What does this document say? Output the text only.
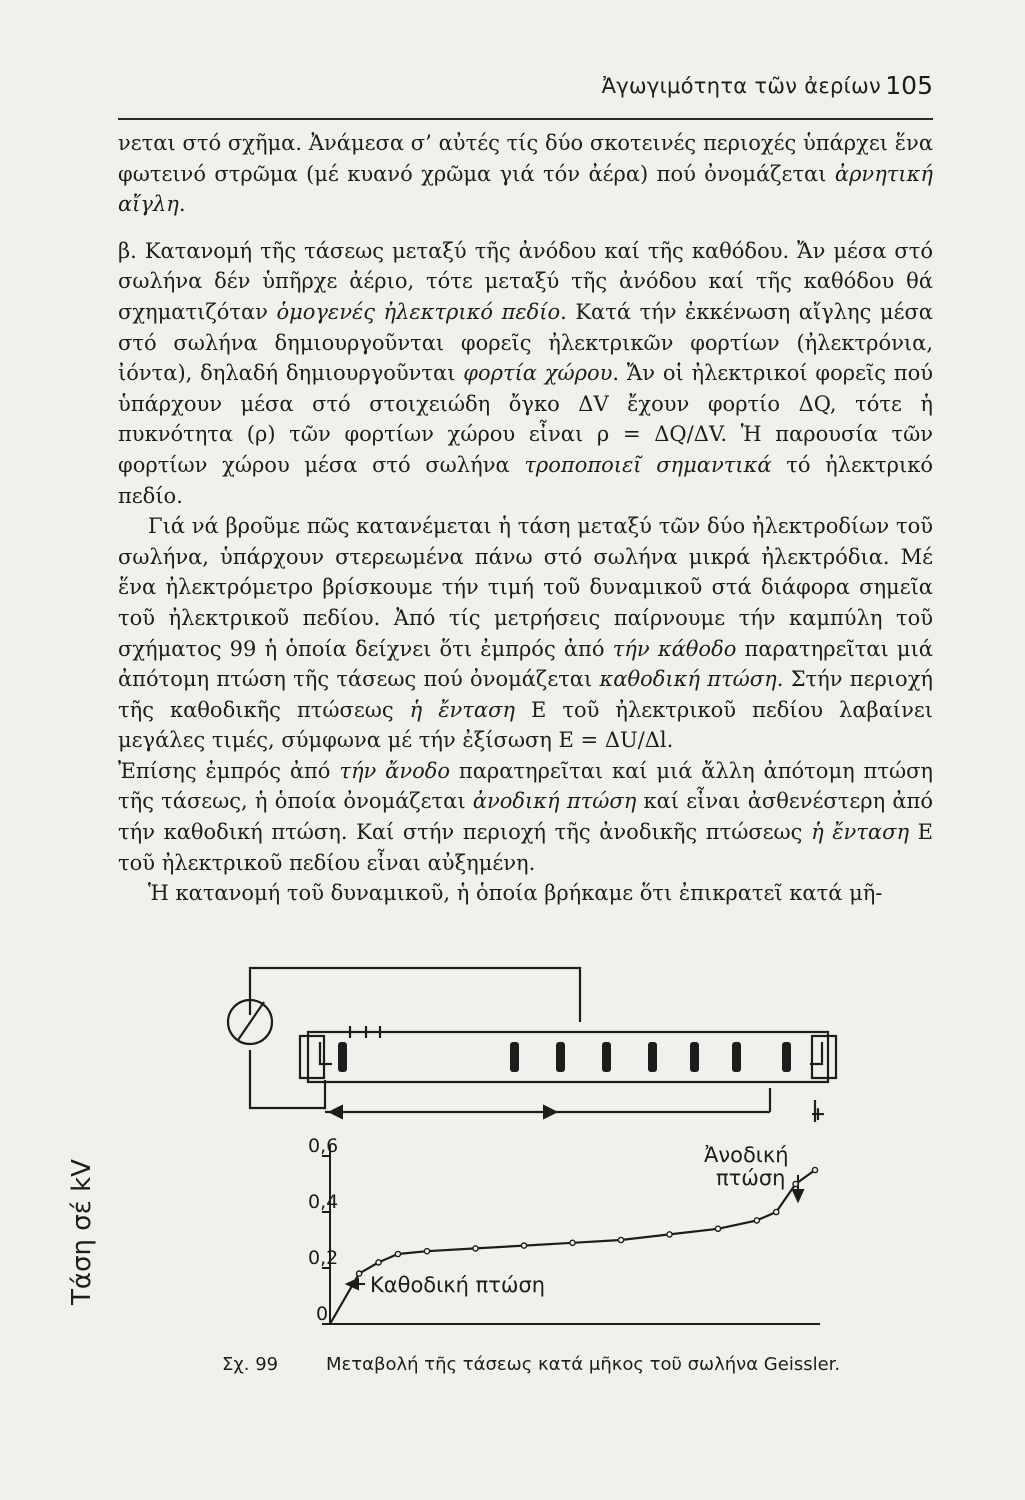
Ἀγωγιμότητα τῶν ἀερίων 105

νεται στό σχῆμα. Ἀνάμεσα σ’ αὐτές τίς δύο σκοτεινές περιοχές ὑπάρχει ἕνα φωτεινό στρῶμα (μέ κυανό χρῶμα γιά τόν ἀέρα) πού ὀνομάζεται ἀρνητική αἴγλη.

β. Κατανομή τῆς τάσεως μεταξύ τῆς ἀνόδου καί τῆς καθόδου. Ἄν μέσα στό σωλήνα δέν ὑπῆρχε ἀέριο, τότε μεταξύ τῆς ἀνόδου καί τῆς καθόδου θά σχηματιζόταν ὁμογενές ἠλεκτρικό πεδίο. Κατά τήν ἐκκένωση αἴγλης μέσα στό σωλήνα δημιουργοῦνται φορεῖς ἠλεκτρικῶν φορτίων (ἠλεκτρόνια, ἰόντα), δηλαδή δημιουργοῦνται φορτία χώρου. Ἄν οἱ ἠλεκτρικοί φορεῖς πού ὑπάρχουν μέσα στό στοιχειώδη ὄγκο ΔV ἔχουν φορτίο ΔQ, τότε ἡ πυκνότητα (ρ) τῶν φορτίων χώρου εἶναι ρ = ΔQ/ΔV. Ἡ παρουσία τῶν φορτίων χώρου μέσα στό σωλήνα τροποποιεῖ σημαντικά τό ἠλεκτρικό πεδίο.

Γιά νά βροῦμε πῶς κατανέμεται ἡ τάση μεταξύ τῶν δύο ἠλεκτροδίων τοῦ σωλήνα, ὑπάρχουν στερεωμένα πάνω στό σωλήνα μικρά ἠλεκτρόδια. Μέ ἕνα ἠλεκτρόμετρο βρίσκουμε τήν τιμή τοῦ δυναμικοῦ στά διάφορα σημεῖα τοῦ ἠλεκτρικοῦ πεδίου. Ἀπό τίς μετρήσεις παίρνουμε τήν καμπύλη τοῦ σχήματος 99 ἡ ὁποία δείχνει ὅτι ἐμπρός ἀπό τήν κάθοδο παρατηρεῖται μιά ἀπότομη πτώση τῆς τάσεως πού ὀνομάζεται καθοδική πτώση. Στήν περιοχή τῆς καθοδικῆς πτώσεως ἡ ἔνταση Ε τοῦ ἠλεκτρικοῦ πεδίου λαβαίνει μεγάλες τιμές, σύμφωνα μέ τήν ἐξίσωση Ε = ΔU/Δl.

Ἐπίσης ἐμπρός ἀπό τήν ἄνοδο παρατηρεῖται καί μιά ἄλλη ἀπότομη πτώση τῆς τάσεως, ἡ ὁποία ὀνομάζεται ἀνοδική πτώση καί εἶναι ἀσθενέστερη ἀπό τήν καθοδική πτώση. Καί στήν περιοχή τῆς ἀνοδικῆς πτώσεως ἡ ἔνταση Ε τοῦ ἠλεκτρικοῦ πεδίου εἶναι αὐξημένη.

Ἡ κατανομή τοῦ δυναμικοῦ, ἡ ὁποία βρήκαμε ὅτι ἐπικρατεῖ κατά μῆ-

0,6
0,4
0,2
0
Καθοδική πτώση
Ἀνοδική
πτώση
+
Τάση σέ kV
Σχ. 99	Μεταβολή τῆς τάσεως κατά μῆκος τοῦ σωλήνα Geissler.
